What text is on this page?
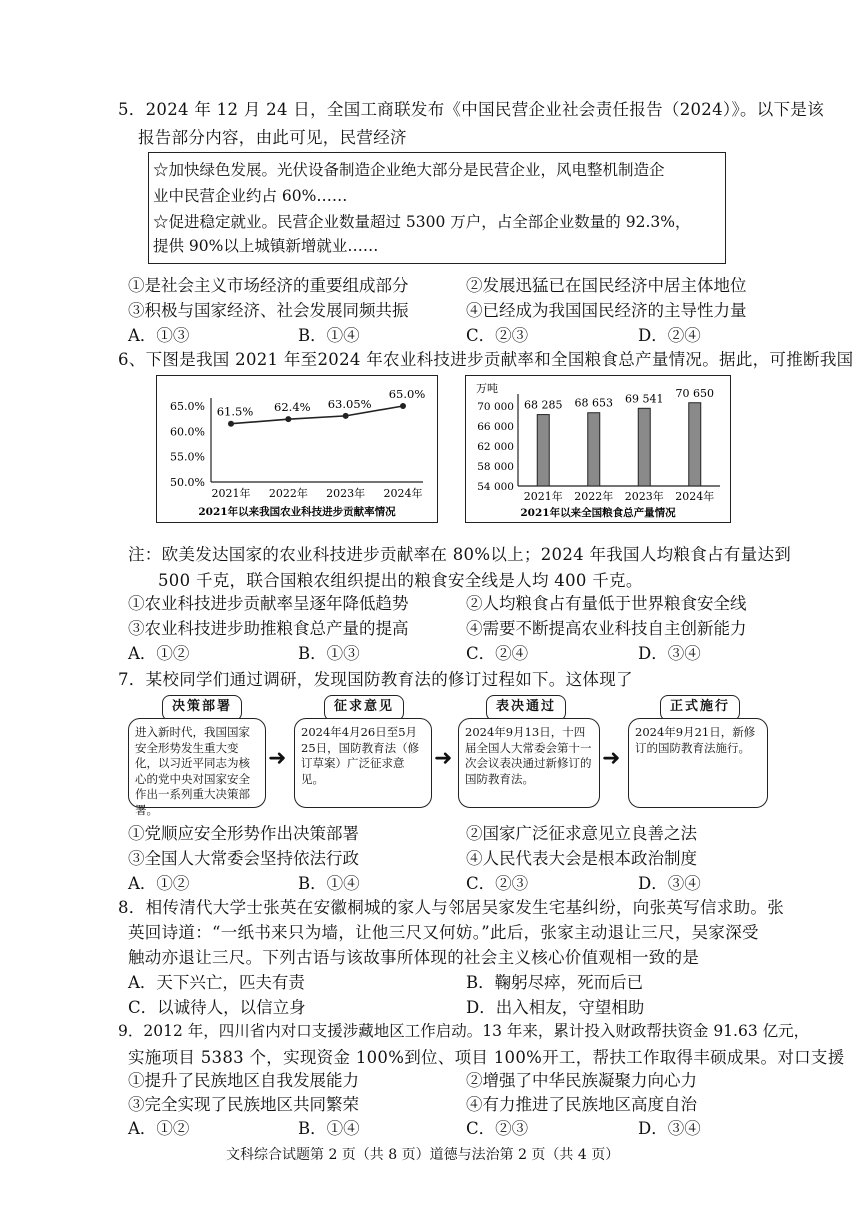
5．2024 年 12 月 24 日，全国工商联发布《中国民营企业社会责任报告（2024）》。以下是该
报告部分内容，由此可见，民营经济
☆加快绿色发展。光伏设备制造企业绝大部分是民营企业，风电整机制造企
业中民营企业约占 60%……
☆促进稳定就业。民营企业数量超过 5300 万户，占全部企业数量的 92.3%，
提供 90%以上城镇新增就业……
①是社会主义市场经济的重要组成部分	②发展迅猛已在国民经济中居主体地位
③积极与国家经济、社会发展同频共振	④已经成为我国国民经济的主导性力量
A．①③	B．①④	C．②③	D．②④
6、下图是我国 2021 年至2024 年农业科技进步贡献率和全国粮食总产量情况。据此，可推断我国
65.0%
60.0%
55.0%
50.0%
61.5%
2021年
62.4%
2022年
63.05%
2023年
65.0%
2024年
2021年以来我国农业科技进步贡献率情况
万吨
70 000
66 000
62 000
58 000
54 000
68 285
2021年
68 653
2022年
69 541
2023年
70 650
2024年
2021年以来全国粮食总产量情况
注：欧美发达国家的农业科技进步贡献率在 80%以上；2024 年我国人均粮食占有量达到
500 千克，联合国粮农组织提出的粮食安全线是人均 400 千克。
①农业科技进步贡献率呈逐年降低趋势	②人均粮食占有量低于世界粮食安全线
③农业科技进步助推粮食总产量的提高	④需要不断提高农业科技自主创新能力
A．①②	B．①③	C．②④	D．③④
7．某校同学们通过调研，发现国防教育法的修订过程如下。这体现了
决策部署
进入新时代，我国国家安全形势发生重大变化，以习近平同志为核心的党中央对国家安全作出一系列重大决策部署。
➜
征求意见
2024年4月26日至5月25日，国防教育法（修订草案）广泛征求意见。
➜
表决通过
2024年9月13日，十四届全国人大常委会第十一次会议表决通过新修订的国防教育法。
➜
正式施行
2024年9月21日，新修订的国防教育法施行。
①党顺应安全形势作出决策部署	②国家广泛征求意见立良善之法
③全国人大常委会坚持依法行政	④人民代表大会是根本政治制度
A．①②	B．①④	C．②③	D．③④
8．相传清代大学士张英在安徽桐城的家人与邻居吴家发生宅基纠纷，向张英写信求助。张
英回诗道：“一纸书来只为墙，让他三尺又何妨。”此后，张家主动退让三尺，吴家深受
触动亦退让三尺。下列古语与该故事所体现的社会主义核心价值观相一致的是
A．天下兴亡，匹夫有责	B．鞠躬尽瘁，死而后已
C．以诚待人，以信立身	D．出入相友，守望相助
9．2012 年，四川省内对口支援涉藏地区工作启动。13 年来，累计投入财政帮扶资金 91.63 亿元，
实施项目 5383 个，实现资金 100%到位、项目 100%开工，帮扶工作取得丰硕成果。对口支援
①提升了民族地区自我发展能力	②增强了中华民族凝聚力向心力
③完全实现了民族地区共同繁荣	④有力推进了民族地区高度自治
A．①②	B．①④	C．②③	D．③④
文科综合试题第 2 页（共 8 页）道德与法治第 2 页（共 4 页）
